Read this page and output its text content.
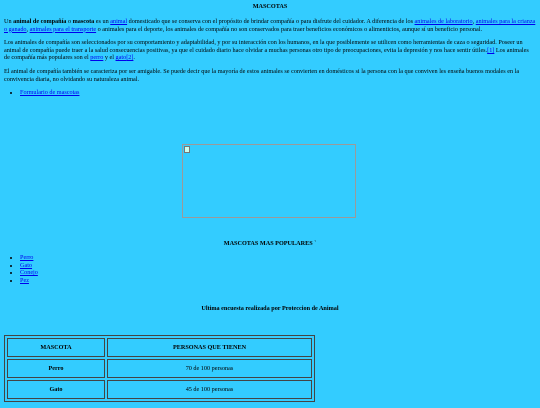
MASCOTAS

Un animal de compañía o mascota es un animal domesticado que se conserva con el propósito de brindar compañía o para disfrute del cuidador. A diferencia de los animales de laboratorio, animales para la crianza o ganado, animales para el transporte o animales para el deporte, los animales de compañía no son conservados para traer beneficios económicos o alimenticios, aunque sí un beneficio personal.

Los animales de compañía son seleccionados por su comportamiento y adaptabilidad, y por su interacción con los humanos, en la que posiblemente se utilicen como herramientas de caza o seguridad. Poseer un animal de compañía puede traer a la salud consecuencias positivas, ya que el cuidado diario hace olvidar a muchas personas otro tipo de preocupaciones, evita la depresión y nos hace sentir útiles.[1] Los animales de compañía más populares son el perro y el gato[2].

El animal de compañía también se caracteriza por ser amigable. Se puede decir que la mayoría de estos animales se convierten en domésticos si la persona con la que conviven les enseña buenos modales en la convivencia diaria, no olvidando su naturaleza animal.

• Formulario de mascotas
MASCOTAS MAS POPULARES `
• Perro
• Gato
• Conejo
• Pez
Ultima encuesta realizada por Proteccion de Animal
MASCOTA	PERSONAS QUE TIENEN
Perro	70 de 100 personas
Gato	45 de 100 personas
